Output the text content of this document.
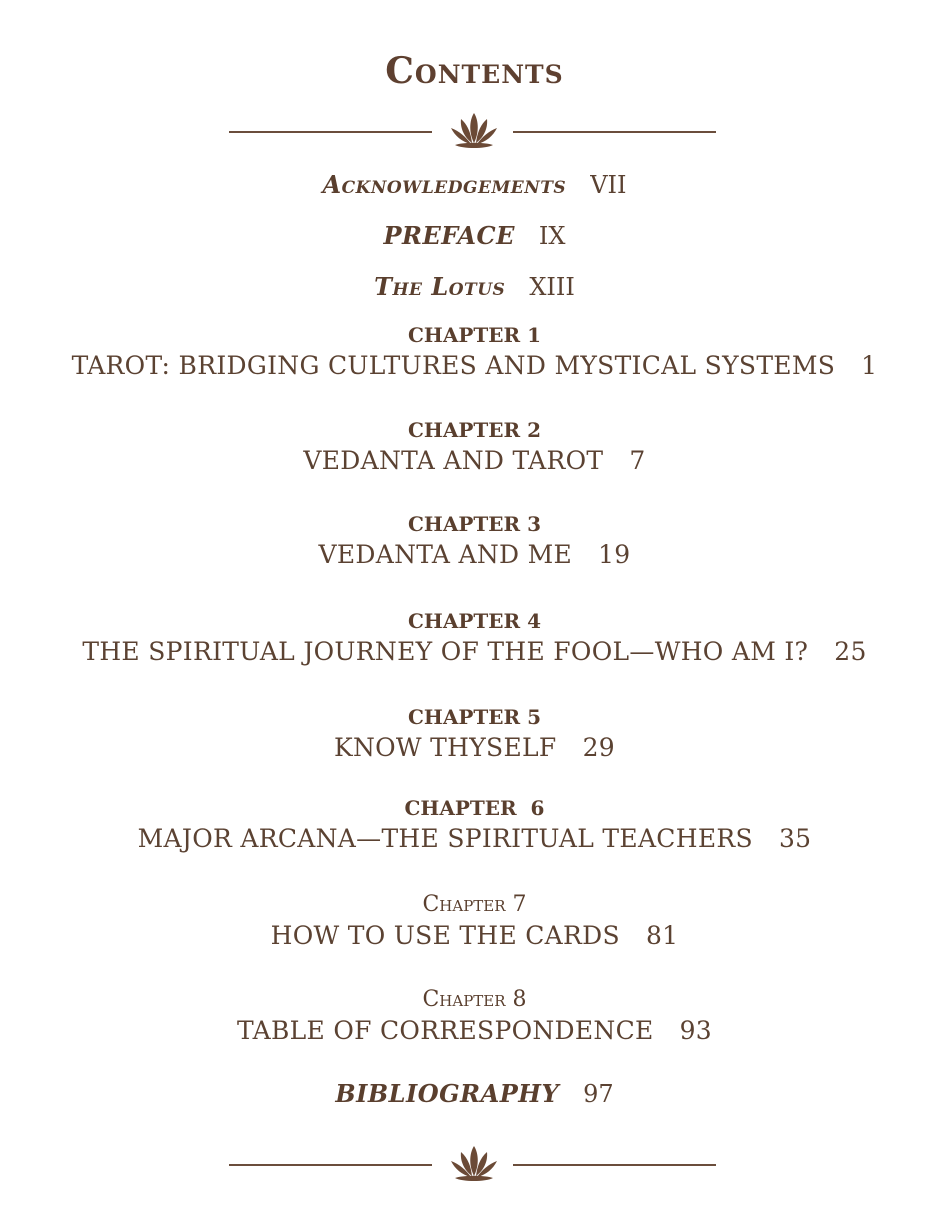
Contents
Acknowledgements VII
PREFACE IX
The Lotus XIII
CHAPTER 1
TAROT: BRIDGING CULTURES AND MYSTICAL SYSTEMS 1
CHAPTER 2
VEDANTA AND TAROT 7
CHAPTER 3
VEDANTA AND ME 19
CHAPTER 4
THE SPIRITUAL JOURNEY OF THE FOOL—WHO AM I? 25
CHAPTER 5
KNOW THYSELF 29
CHAPTER  6
MAJOR ARCANA—THE SPIRITUAL TEACHERS 35
Chapter 7
HOW TO USE THE CARDS 81
Chapter 8
TABLE OF CORRESPONDENCE 93
BIBLIOGRAPHY 97
